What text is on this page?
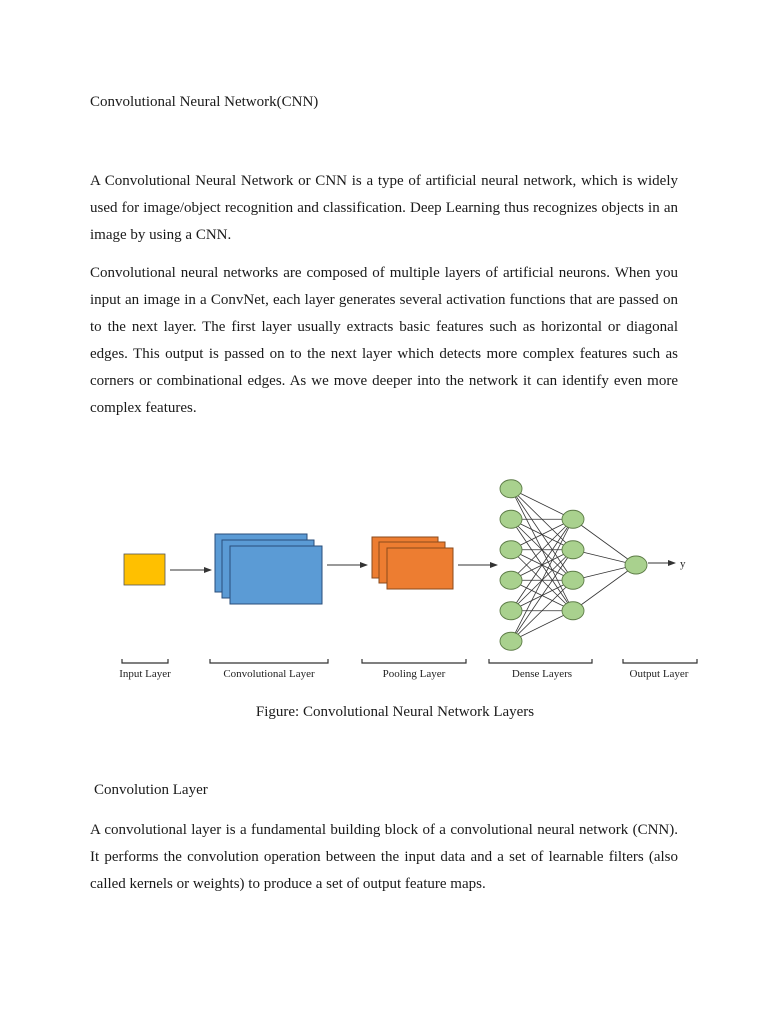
Convolutional Neural Network(CNN)

A Convolutional Neural Network or CNN is a type of artificial neural network, which is widely used for image/object recognition and classification. Deep Learning thus recognizes objects in an image by using a CNN.

Convolutional neural networks are composed of multiple layers of artificial neurons. When you input an image in a ConvNet, each layer generates several activation functions that are passed on to the next layer. The first layer usually extracts basic features such as horizontal or diagonal edges. This output is passed on to the next layer which detects more complex features such as corners or combinational edges. As we move deeper into the network it can identify even more complex features.

y
Input Layer	Convolutional Layer	Pooling Layer	Dense Layers	Output Layer

Figure: Convolutional Neural Network Layers

Convolution Layer

A convolutional layer is a fundamental building block of a convolutional neural network (CNN). It performs the convolution operation between the input data and a set of learnable filters (also called kernels or weights) to produce a set of output feature maps.
